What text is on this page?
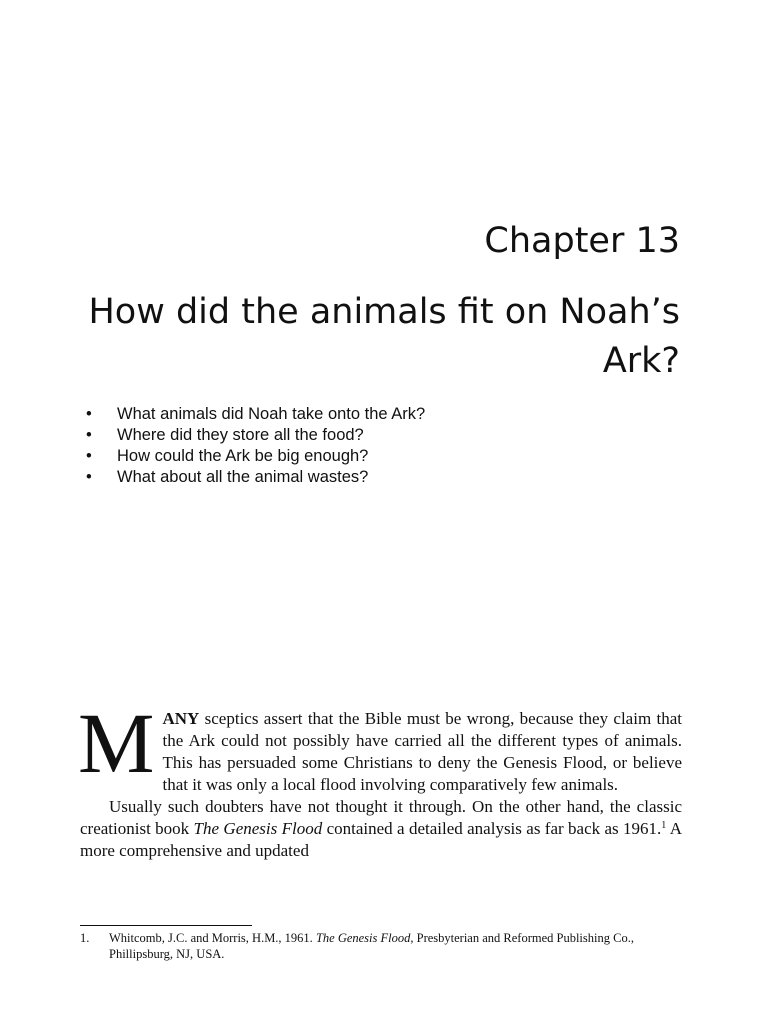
Chapter 13
How did the animals fit on Noah’s Ark?
• What animals did Noah take onto the Ark?
• Where did they store all the food?
• How could the Ark be big enough?
• What about all the animal wastes?

MANY sceptics assert that the Bible must be wrong, because they claim that the Ark could not possibly have carried all the different types of animals. This has persuaded some Christians to deny the Genesis Flood, or believe that it was only a local flood involving comparatively few animals.

Usually such doubters have not thought it through. On the other hand, the classic creationist book The Genesis Flood contained a detailed analysis as far back as 1961.$^1$ A more comprehensive and updated

1.	Whitcomb, J.C. and Morris, H.M., 1961. The Genesis Flood, Presbyterian and Reformed Publishing Co., Phillipsburg, NJ, USA.
